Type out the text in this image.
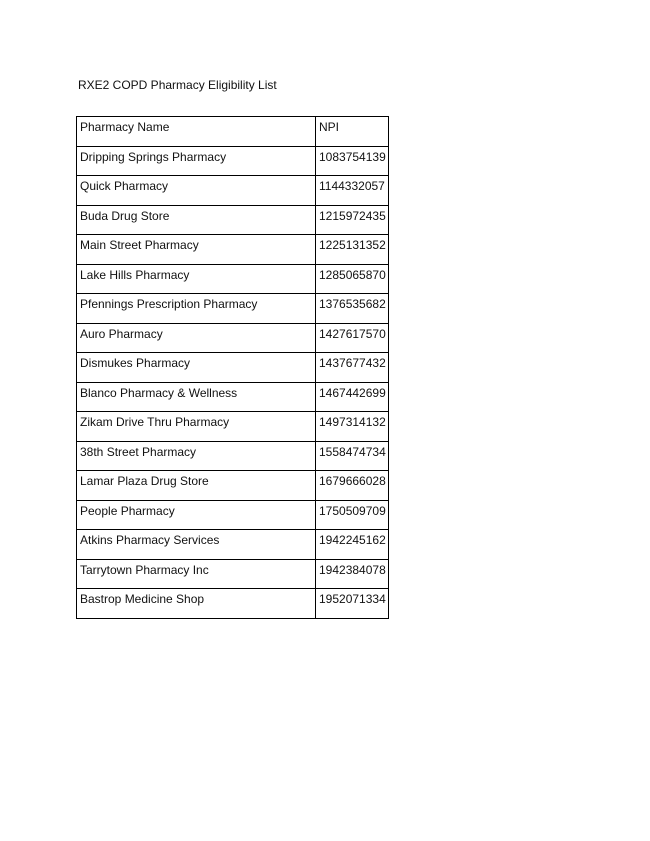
RXE2 COPD Pharmacy Eligibility List
Pharmacy Name	NPI

Dripping Springs Pharmacy	1083754139

Quick Pharmacy	1144332057

Buda Drug Store	1215972435

Main Street Pharmacy	1225131352

Lake Hills Pharmacy	1285065870

Pfennings Prescription Pharmacy	1376535682

Auro Pharmacy	1427617570

Dismukes Pharmacy	1437677432

Blanco Pharmacy & Wellness	1467442699

Zikam Drive Thru Pharmacy	1497314132

38th Street Pharmacy	1558474734

Lamar Plaza Drug Store	1679666028

People Pharmacy	1750509709

Atkins Pharmacy Services	1942245162

Tarrytown Pharmacy Inc	1942384078

Bastrop Medicine Shop	1952071334
